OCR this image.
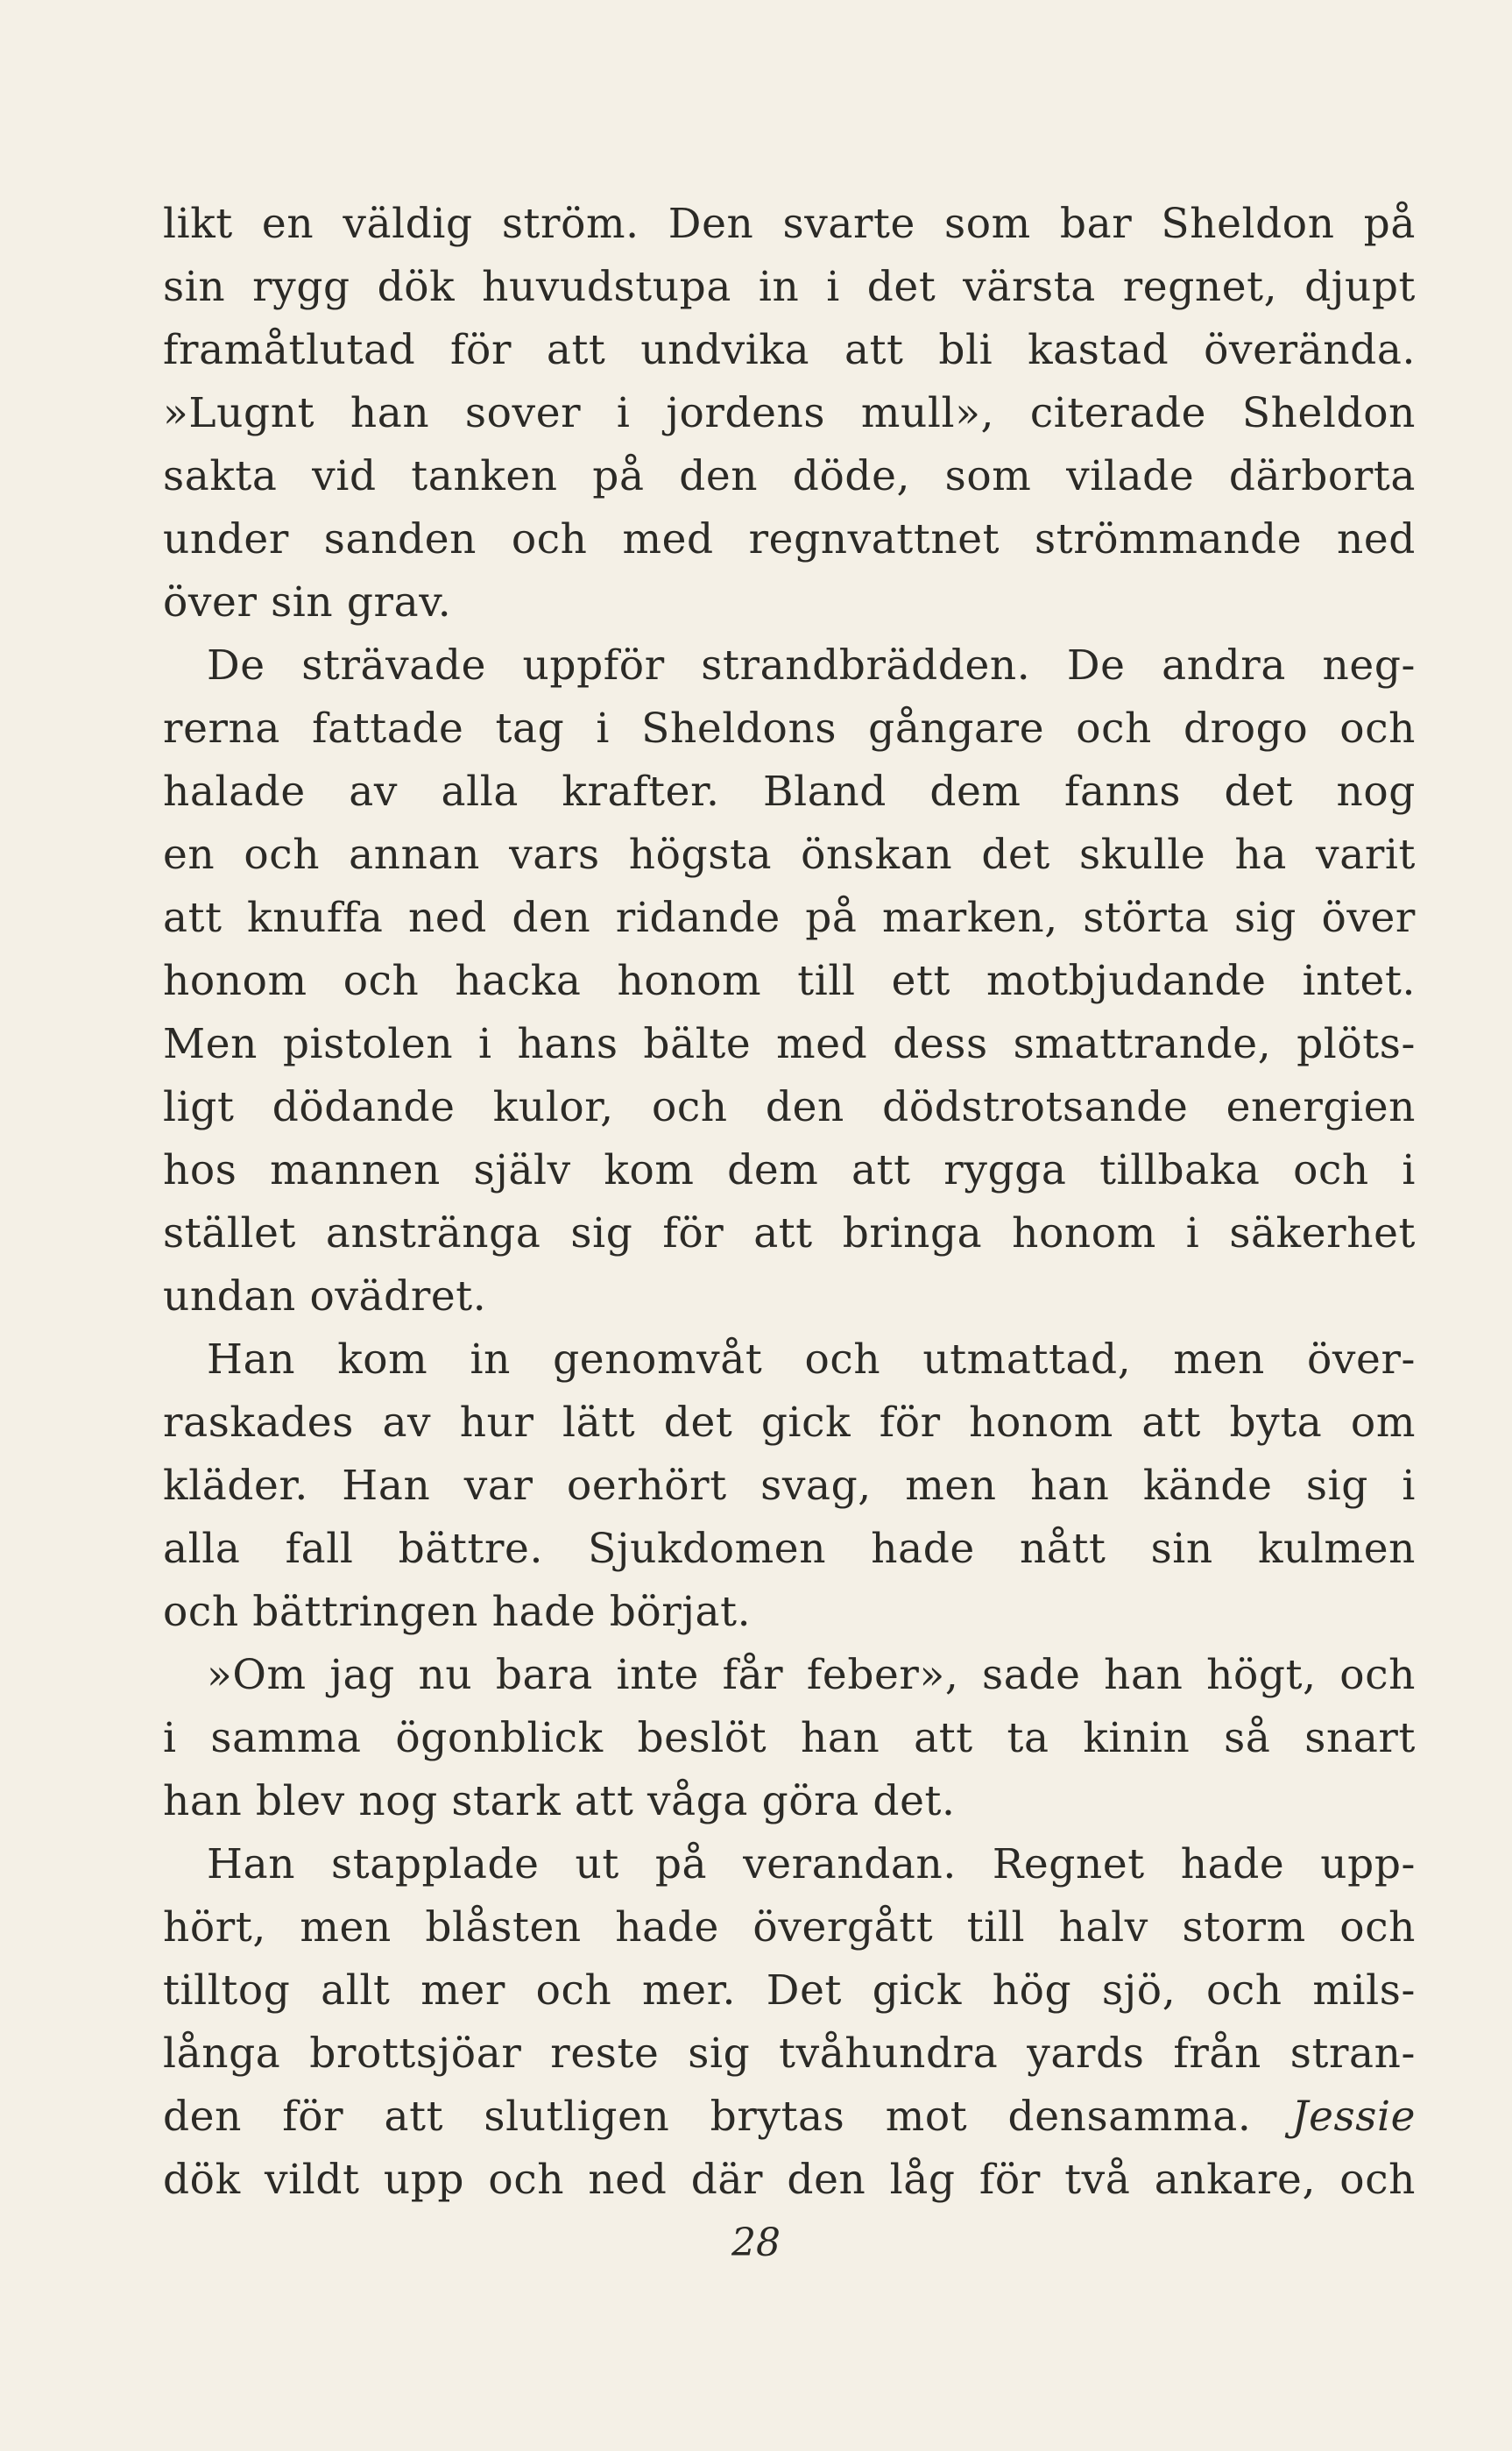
likt en väldig ström. Den svarte som bar Sheldon på
sin rygg dök huvudstupa in i det värsta regnet, djupt
framåtlutad för att undvika att bli kastad överända.
»Lugnt han sover i jordens mull», citerade Sheldon
sakta vid tanken på den döde, som vilade därborta
under sanden och med regnvattnet strömmande ned
över sin grav.
De strävade uppför strandbrädden. De andra neg-
rerna fattade tag i Sheldons gångare och drogo och
halade av alla krafter. Bland dem fanns det nog
en och annan vars högsta önskan det skulle ha varit
att knuffa ned den ridande på marken, störta sig över
honom och hacka honom till ett motbjudande intet.
Men pistolen i hans bälte med dess smattrande, plöts-
ligt dödande kulor, och den dödstrotsande energien
hos mannen själv kom dem att rygga tillbaka och i
stället anstränga sig för att bringa honom i säkerhet
undan ovädret.
Han kom in genomvåt och utmattad, men över-
raskades av hur lätt det gick för honom att byta om
kläder. Han var oerhört svag, men han kände sig i
alla fall bättre. Sjukdomen hade nått sin kulmen
och bättringen hade börjat.
»Om jag nu bara inte får feber», sade han högt, och
i samma ögonblick beslöt han att ta kinin så snart
han blev nog stark att våga göra det.
Han stapplade ut på verandan. Regnet hade upp-
hört, men blåsten hade övergått till halv storm och
tilltog allt mer och mer. Det gick hög sjö, och mils-
långa brottsjöar reste sig tvåhundra yards från stran-
den för att slutligen brytas mot densamma. Jessie
dök vildt upp och ned där den låg för två ankare, och
28
